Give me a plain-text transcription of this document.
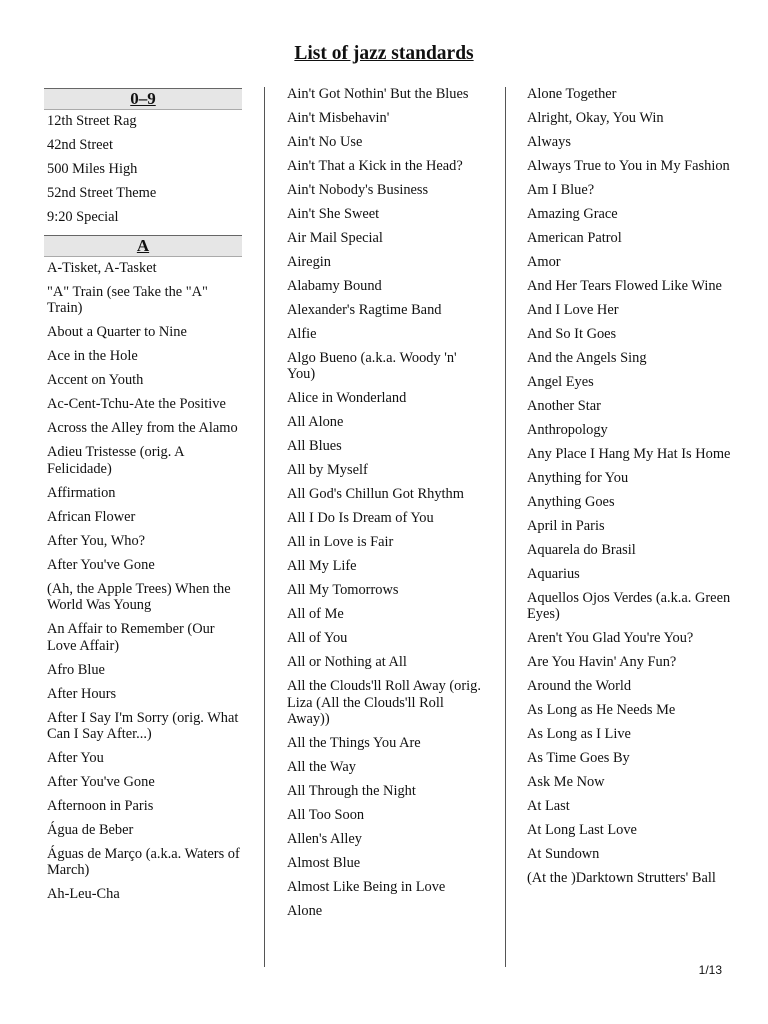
List of jazz standards
0–9
12th Street Rag
42nd Street
500 Miles High
52nd Street Theme
9:20 Special
A
A-Tisket, A-Tasket
"A" Train (see Take the "A" Train)
About a Quarter to Nine
Ace in the Hole
Accent on Youth
Ac-Cent-Tchu-Ate the Positive
Across the Alley from the Alamo
Adieu Tristesse (orig. A Felicidade)
Affirmation
African Flower
After You, Who?
After You've Gone
(Ah, the Apple Trees) When the World Was Young
An Affair to Remember (Our Love Affair)
Afro Blue
After Hours
After I Say I'm Sorry (orig. What Can I Say After...)
After You
After You've Gone
Afternoon in Paris
Água de Beber
Águas de Março (a.k.a. Waters of March)
Ah-Leu-Cha
Ain't Got Nothin' But the Blues
Ain't Misbehavin'
Ain't No Use
Ain't That a Kick in the Head?
Ain't Nobody's Business
Ain't She Sweet
Air Mail Special
Airegin
Alabamy Bound
Alexander's Ragtime Band
Alfie
Algo Bueno (a.k.a. Woody 'n' You)
Alice in Wonderland
All Alone
All Blues
All by Myself
All God's Chillun Got Rhythm
All I Do Is Dream of You
All in Love is Fair
All My Life
All My Tomorrows
All of Me
All of You
All or Nothing at All
All the Clouds'll Roll Away (orig. Liza (All the Clouds'll Roll Away))
All the Things You Are
All the Way
All Through the Night
All Too Soon
Allen's Alley
Almost Blue
Almost Like Being in Love
Alone
Alone Together
Alright, Okay, You Win
Always
Always True to You in My Fashion
Am I Blue?
Amazing Grace
American Patrol
Amor
And Her Tears Flowed Like Wine
And I Love Her
And So It Goes
And the Angels Sing
Angel Eyes
Another Star
Anthropology
Any Place I Hang My Hat Is Home
Anything for You
Anything Goes
April in Paris
Aquarela do Brasil
Aquarius
Aquellos Ojos Verdes (a.k.a. Green Eyes)
Aren't You Glad You're You?
Are You Havin' Any Fun?
Around the World
As Long as He Needs Me
As Long as I Live
As Time Goes By
Ask Me Now
At Last
At Long Last Love
At Sundown
(At the )Darktown Strutters' Ball
1/13
